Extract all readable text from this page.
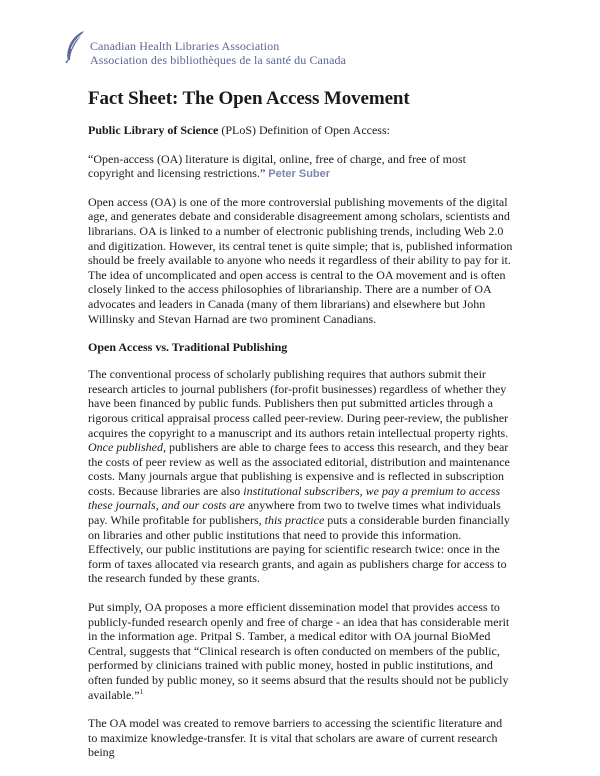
Canadian Health Libraries Association
Association des bibliothèques de la santé du Canada
Fact Sheet: The Open Access Movement

Public Library of Science (PLoS) Definition of Open Access:

“Open-access (OA) literature is digital, online, free of charge, and free of most copyright and licensing restrictions.” Peter Suber

Open access (OA) is one of the more controversial publishing movements of the digital age, and generates debate and considerable disagreement among scholars, scientists and librarians. OA is linked to a number of electronic publishing trends, including Web 2.0 and digitization. However, its central tenet is quite simple; that is, published information should be freely available to anyone who needs it regardless of their ability to pay for it. The idea of uncomplicated and open access is central to the OA movement and is often closely linked to the access philosophies of librarianship. There are a number of OA advocates and leaders in Canada (many of them librarians) and elsewhere but John Willinsky and Stevan Harnad are two prominent Canadians.

Open Access vs. Traditional Publishing

The conventional process of scholarly publishing requires that authors submit their research articles to journal publishers (for-profit businesses) regardless of whether they have been financed by public funds. Publishers then put submitted articles through a rigorous critical appraisal process called peer-review. During peer-review, the publisher acquires the copyright to a manuscript and its authors retain intellectual property rights. Once published, publishers are able to charge fees to access this research, and they bear the costs of peer review as well as the associated editorial, distribution and maintenance costs. Many journals argue that publishing is expensive and is reflected in subscription costs. Because libraries are also institutional subscribers, we pay a premium to access these journals, and our costs are anywhere from two to twelve times what individuals pay. While profitable for publishers, this practice puts a considerable burden financially on libraries and other public institutions that need to provide this information. Effectively, our public institutions are paying for scientific research twice: once in the form of taxes allocated via research grants, and again as publishers charge for access to the research funded by these grants.

Put simply, OA proposes a more efficient dissemination model that provides access to publicly-funded research openly and free of charge - an idea that has considerable merit in the information age. Pritpal S. Tamber, a medical editor with OA journal BioMed Central, suggests that “Clinical research is often conducted on members of the public, performed by clinicians trained with public money, hosted in public institutions, and often funded by public money, so it seems absurd that the results should not be publicly available.”$^1$

The OA model was created to remove barriers to accessing the scientific literature and to maximize knowledge-transfer. It is vital that scholars are aware of current research being
